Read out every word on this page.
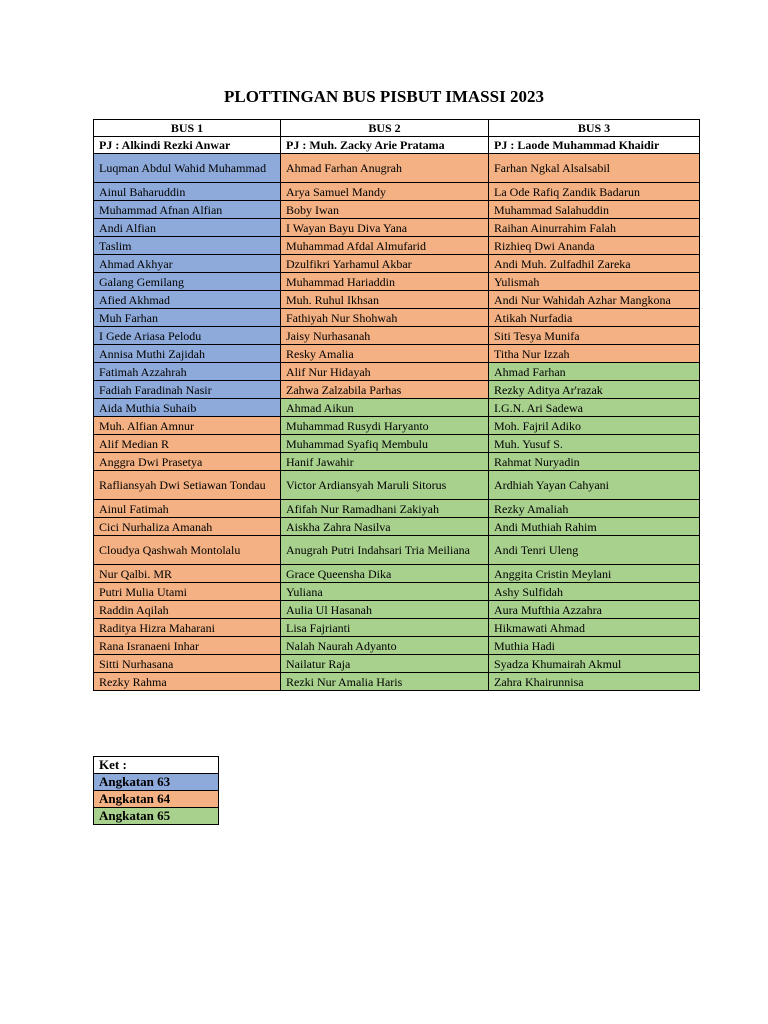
PLOTTINGAN BUS PISBUT IMASSI 2023
BUS 1	BUS 2	BUS 3
PJ : Alkindi Rezki Anwar	PJ : Muh. Zacky Arie Pratama	PJ : Laode Muhammad Khaidir
Luqman Abdul Wahid Muhammad	Ahmad Farhan Anugrah	Farhan Ngkal Alsalsabil
Ainul Baharuddin	Arya Samuel Mandy	La Ode Rafiq Zandik Badarun
Muhammad Afnan Alfian	Boby Iwan	Muhammad Salahuddin
Andi Alfian	I Wayan Bayu Diva Yana	Raihan Ainurrahim Falah
Taslim	Muhammad Afdal Almufarid	Rizhieq Dwi Ananda
Ahmad Akhyar	Dzulfikri Yarhamul Akbar	Andi Muh. Zulfadhil Zareka
Galang Gemilang	Muhammad Hariaddin	Yulismah
Afied Akhmad	Muh. Ruhul Ikhsan	Andi Nur Wahidah Azhar Mangkona
Muh Farhan	Fathiyah Nur Shohwah	Atikah Nurfadia
I Gede Ariasa Pelodu	Jaisy Nurhasanah	Siti Tesya Munifa
Annisa Muthi Zajidah	Resky Amalia	Titha Nur Izzah
Fatimah Azzahrah	Alif Nur Hidayah	Ahmad Farhan
Fadiah Faradinah Nasir	Zahwa Zalzabila Parhas	Rezky Aditya Ar'razak
Aida Muthia Suhaib	Ahmad Aikun	I.G.N. Ari Sadewa
Muh. Alfian Amnur	Muhammad Rusydi Haryanto	Moh. Fajril Adiko
Alif Median R	Muhammad Syafiq Membulu	Muh. Yusuf S.
Anggra Dwi Prasetya	Hanif Jawahir	Rahmat Nuryadin
Rafliansyah Dwi Setiawan Tondau	Victor Ardiansyah Maruli Sitorus	Ardhiah Yayan Cahyani
Ainul Fatimah	Afifah Nur Ramadhani Zakiyah	Rezky Amaliah
Cici Nurhaliza Amanah	Aiskha Zahra Nasilva	Andi Muthiah Rahim
Cloudya Qashwah Montolalu	Anugrah Putri Indahsari Tria Meiliana	Andi Tenri Uleng
Nur Qalbi. MR	Grace Queensha Dika	Anggita Cristin Meylani
Putri Mulia Utami	Yuliana	Ashy Sulfidah
Raddin Aqilah	Aulia Ul Hasanah	Aura Mufthia Azzahra
Raditya Hizra Maharani	Lisa Fajrianti	Hikmawati Ahmad
Rana Isranaeni Inhar	Nalah Naurah Adyanto	Muthia Hadi
Sitti Nurhasana	Nailatur Raja	Syadza Khumairah Akmul
Rezky Rahma	Rezki Nur Amalia Haris	Zahra Khairunnisa
Ket :
Angkatan 63
Angkatan 64
Angkatan 65
